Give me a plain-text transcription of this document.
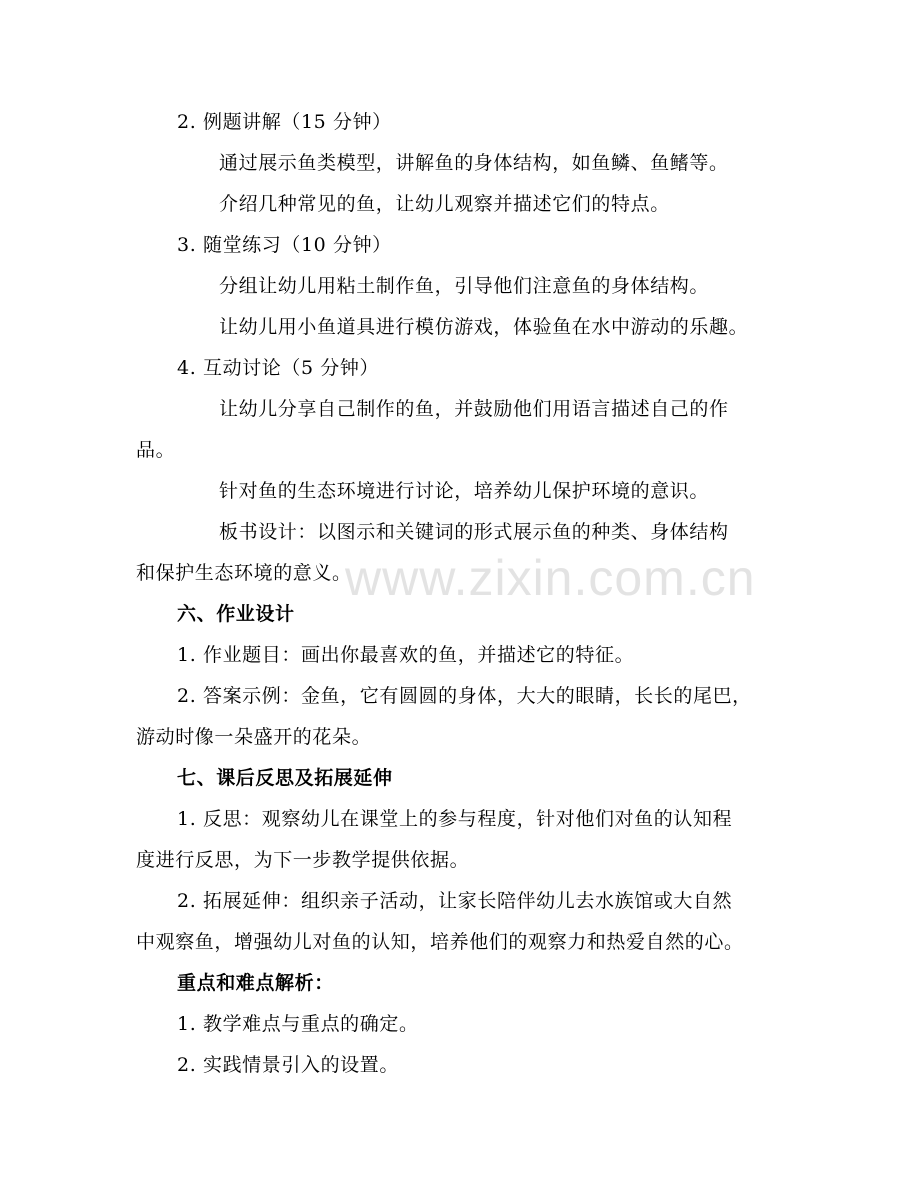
www.zixin.com.cn
2. 例题讲解（15 分钟）
通过展示鱼类模型，讲解鱼的身体结构，如鱼鳞、鱼鳍等。
介绍几种常见的鱼，让幼儿观察并描述它们的特点。
3. 随堂练习（10 分钟）
分组让幼儿用粘土制作鱼，引导他们注意鱼的身体结构。
让幼儿用小鱼道具进行模仿游戏，体验鱼在水中游动的乐趣。
4. 互动讨论（5 分钟）
让幼儿分享自己制作的鱼，并鼓励他们用语言描述自己的作
品。
针对鱼的生态环境进行讨论，培养幼儿保护环境的意识。
板书设计：以图示和关键词的形式展示鱼的种类、身体结构
和保护生态环境的意义。
六、作业设计
1. 作业题目：画出你最喜欢的鱼，并描述它的特征。
2. 答案示例：金鱼，它有圆圆的身体，大大的眼睛，长长的尾巴，
游动时像一朵盛开的花朵。
七、课后反思及拓展延伸
1. 反思：观察幼儿在课堂上的参与程度，针对他们对鱼的认知程
度进行反思，为下一步教学提供依据。
2. 拓展延伸：组织亲子活动，让家长陪伴幼儿去水族馆或大自然
中观察鱼，增强幼儿对鱼的认知，培养他们的观察力和热爱自然的心。
重点和难点解析：
1. 教学难点与重点的确定。
2. 实践情景引入的设置。
